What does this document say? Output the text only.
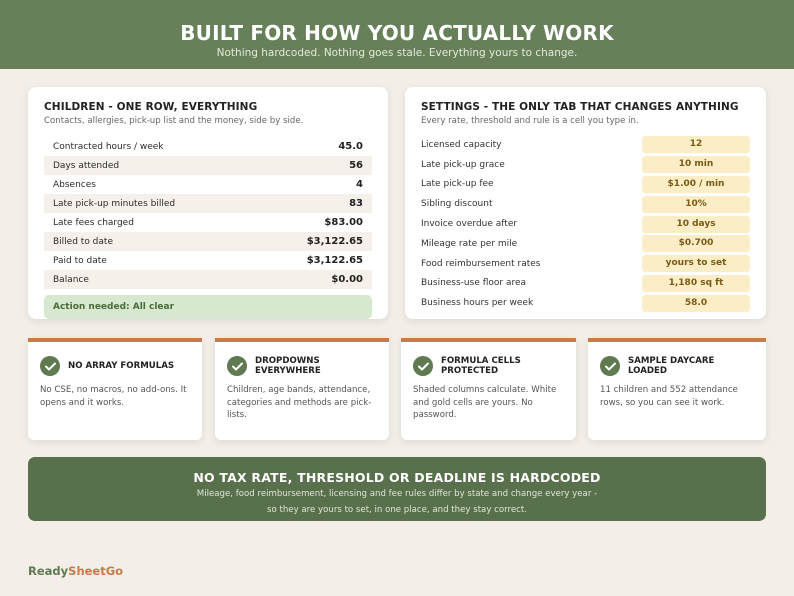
BUILT FOR HOW YOU ACTUALLY WORK

Nothing hardcoded. Nothing goes stale. Everything yours to change.

CHILDREN - ONE ROW, EVERYTHING
Contacts, allergies, pick-up list and the money, side by side.
Contracted hours / week	45.0
Days attended	56
Absences	4
Late pick-up minutes billed	83
Late fees charged	$83.00
Billed to date	$3,122.65
Paid to date	$3,122.65
Balance	$0.00
Action needed: All clear
SETTINGS - THE ONLY TAB THAT CHANGES ANYTHING
Every rate, threshold and rule is a cell you type in.
Licensed capacity	12
Late pick-up grace	10 min
Late pick-up fee	$1.00 / min
Sibling discount	10%
Invoice overdue after	10 days
Mileage rate per mile	$0.700
Food reimbursement rates	yours to set
Business-use floor area	1,180 sq ft
Business hours per week	58.0
NO ARRAY FORMULAS
No CSE, no macros, no add-ons. It opens and it works.
DROPDOWNS EVERYWHERE
Children, age bands, attendance, categories and methods are pick-lists.
FORMULA CELLS PROTECTED
Shaded columns calculate. White and gold cells are yours. No password.
SAMPLE DAYCARE LOADED
11 children and 552 attendance rows, so you can see it work.
NO TAX RATE, THRESHOLD OR DEADLINE IS HARDCODED

Mileage, food reimbursement, licensing and fee rules differ by state and change every year -

so they are yours to set, in one place, and they stay correct.

ReadySheetGo
